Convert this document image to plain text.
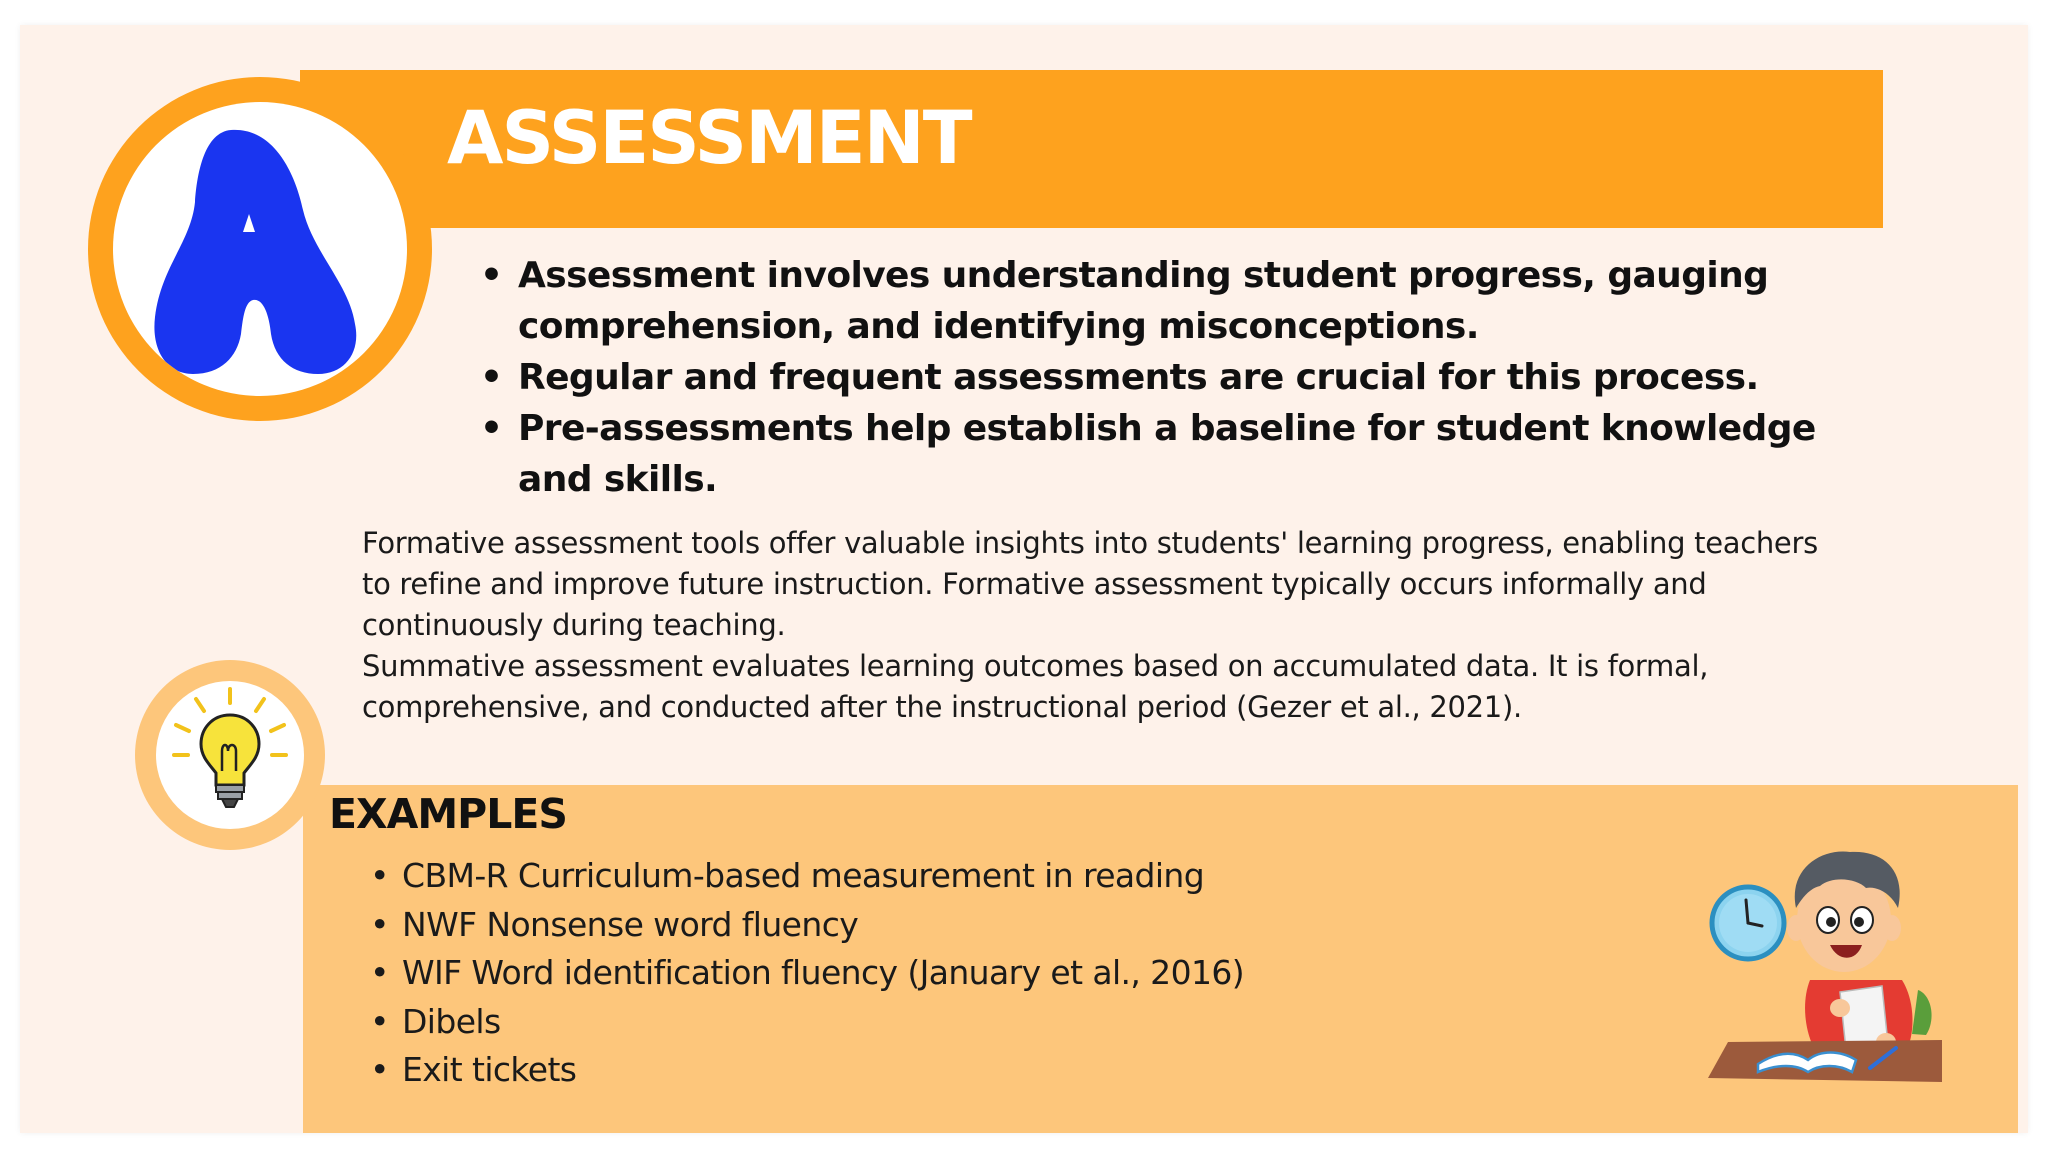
ASSESSMENT
• Assessment involves understanding student progress, gauging comprehension, and identifying misconceptions.
• Regular and frequent assessments are crucial for this process.
• Pre-assessments help establish a baseline for student knowledge and skills.

Formative assessment tools offer valuable insights into students' learning progress, enabling teachers to refine and improve future instruction. Formative assessment typically occurs informally and continuously during teaching.

Summative assessment evaluates learning outcomes based on accumulated data. It is formal, comprehensive, and conducted after the instructional period (Gezer et al., 2021).

EXAMPLES
• CBM-R Curriculum-based measurement in reading
• NWF Nonsense word fluency
• WIF Word identification fluency (January et al., 2016)
• Dibels
• Exit tickets
